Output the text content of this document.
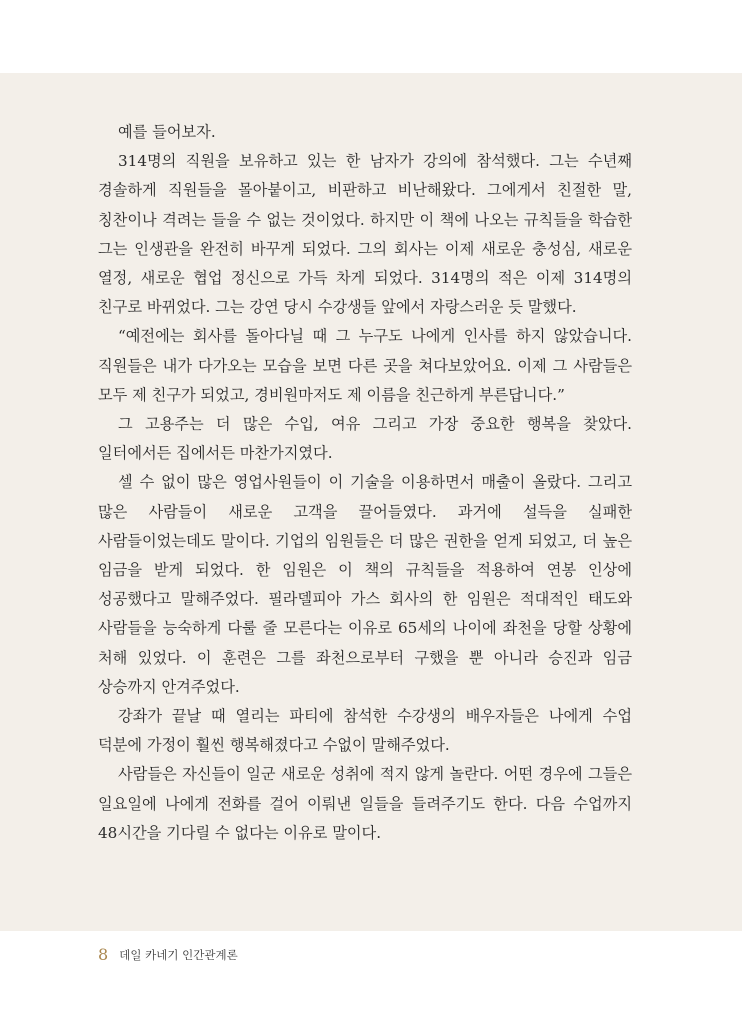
예를 들어보자.

314명의 직원을 보유하고 있는 한 남자가 강의에 참석했다. 그는 수년째 경솔하게 직원들을 몰아붙이고, 비판하고 비난해왔다. 그에게서 친절한 말, 칭찬이나 격려는 들을 수 없는 것이었다. 하지만 이 책에 나오는 규칙들을 학습한 그는 인생관을 완전히 바꾸게 되었다. 그의 회사는 이제 새로운 충성심, 새로운 열정, 새로운 협업 정신으로 가득 차게 되었다. 314명의 적은 이제 314명의 친구로 바뀌었다. 그는 강연 당시 수강생들 앞에서 자랑스러운 듯 말했다.

“예전에는 회사를 돌아다닐 때 그 누구도 나에게 인사를 하지 않았습니다. 직원들은 내가 다가오는 모습을 보면 다른 곳을 쳐다보았어요. 이제 그 사람들은 모두 제 친구가 되었고, 경비원마저도 제 이름을 친근하게 부른답니다.”

그 고용주는 더 많은 수입, 여유 그리고 가장 중요한 행복을 찾았다. 일터에서든 집에서든 마찬가지였다.

셀 수 없이 많은 영업사원들이 이 기술을 이용하면서 매출이 올랐다. 그리고 많은 사람들이 새로운 고객을 끌어들였다. 과거에 설득을 실패한 사람들이었는데도 말이다. 기업의 임원들은 더 많은 권한을 얻게 되었고, 더 높은 임금을 받게 되었다. 한 임원은 이 책의 규칙들을 적용하여 연봉 인상에 성공했다고 말해주었다. 필라델피아 가스 회사의 한 임원은 적대적인 태도와 사람들을 능숙하게 다룰 줄 모른다는 이유로 65세의 나이에 좌천을 당할 상황에 처해 있었다. 이 훈련은 그를 좌천으로부터 구했을 뿐 아니라 승진과 임금 상승까지 안겨주었다.

강좌가 끝날 때 열리는 파티에 참석한 수강생의 배우자들은 나에게 수업 덕분에 가정이 훨씬 행복해졌다고 수없이 말해주었다.

사람들은 자신들이 일군 새로운 성취에 적지 않게 놀란다. 어떤 경우에 그들은 일요일에 나에게 전화를 걸어 이뤄낸 일들을 들려주기도 한다. 다음 수업까지 48시간을 기다릴 수 없다는 이유로 말이다.

8 데일 카네기 인간관계론
